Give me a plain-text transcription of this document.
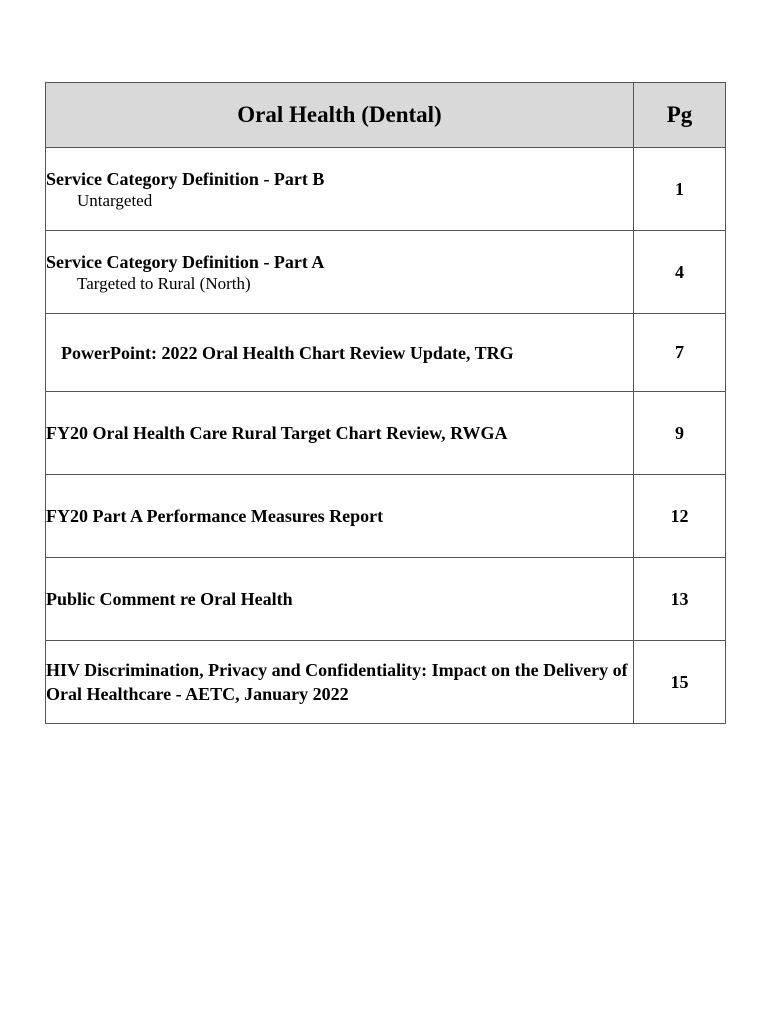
Oral Health (Dental)	Pg

Service Category Definition - Part B
Untargeted	1

Service Category Definition - Part A
Targeted to Rural (North)	4

PowerPoint: 2022 Oral Health Chart Review Update, TRG	7

FY20 Oral Health Care Rural Target Chart Review, RWGA	9

FY20 Part A Performance Measures Report	12

Public Comment re Oral Health	13

HIV Discrimination, Privacy and Confidentiality: Impact on the Delivery of Oral Healthcare - AETC, January 2022	15
